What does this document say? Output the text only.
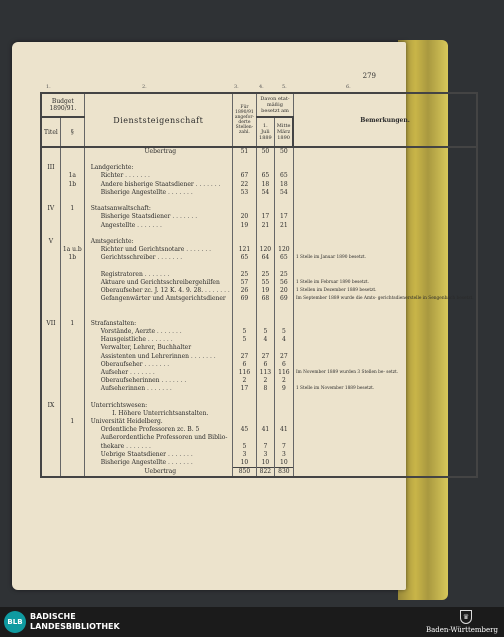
279
1.	2.	3.	4.	5.	6.
Budget 1890/91.		Dienststeigenschaft	Für 1890/91 angefor- derte Stellen- zahl.	Davon etat- mäßig besetzt am		Bemerkungen.
Titel	§			1. Juli 1889	Mitte März 1890	
		Uebertrag	51	50	50	

III		Landgerichte:				
	1a	Richter . . .	67	65	65	
	1b	Andere bisherige Staatsdiener . . .	22	18	18	
		Bisherige Angestellte . . .	53	54	54	

IV	1	Staatsanwaltschaft:				
		Bisherige Staatsdiener . . .	20	17	17	
		Angestellte . . .	19	21	21	

V		Amtsgerichte:				
	1a u.b	Richter und Gerichtsnotare . . .	121	120	120	
	1b	Gerichtsschreiber . . .	65	64	65	1 Stelle im Januar 1890 besetzt.

		Registratoren . . .	25	25	25	
		Aktuare und Gerichtsschreibergehilfen	57	55	56	1 Stelle im Februar 1890 besetzt.
		Oberaufseher zc. J. 12 K. 4. 9. 28. . . .	26	19	20	1 Stellen im Dezember 1889 besetzt.
		Gefangenwärter und Amtsgerichtsdiener	69	68	69	Im September 1889 wurde die Amts- gerichtsdienerstelle in Sengenbach besetzt.

VII	1	Strafanstalten:				
		Vorstände, Aerzte . . .	5	5	5	
		Hausgeistliche . . .	5	4	4	
		Verwalter, Lehrer, Buchhalter				
		Assistenten und Lehrerinnen . . .	27	27	27	
		Oberaufseher . . .	6	6	6	
		Aufseher . . .	116	113	116	Im November 1889 wurden 3 Stellen be- setzt.
		Oberaufseherinnen . . .	2	2	2	
		Aufseherinnen . . .	17	8	9	1 Stelle im November 1889 besetzt.

IX		Unterrichtswesen:				
		I. Höhere Unterrichtsanstalten.				
	1	Universität Heidelberg.				
		Ordentliche Professoren zc. B. 5	45	41	41	
		Außerordentliche Professoren und Biblio-				
		thekare . . .	5	7	7	
		Uebrige Staatsdiener . . .	3	3	3	
		Bisherige Angestellte . . .	10	10	10	
		Uebertrag	850	822	830	
BLB
BADISCHE
LANDESBIBLIOTHEK
♛
Baden-Württemberg
